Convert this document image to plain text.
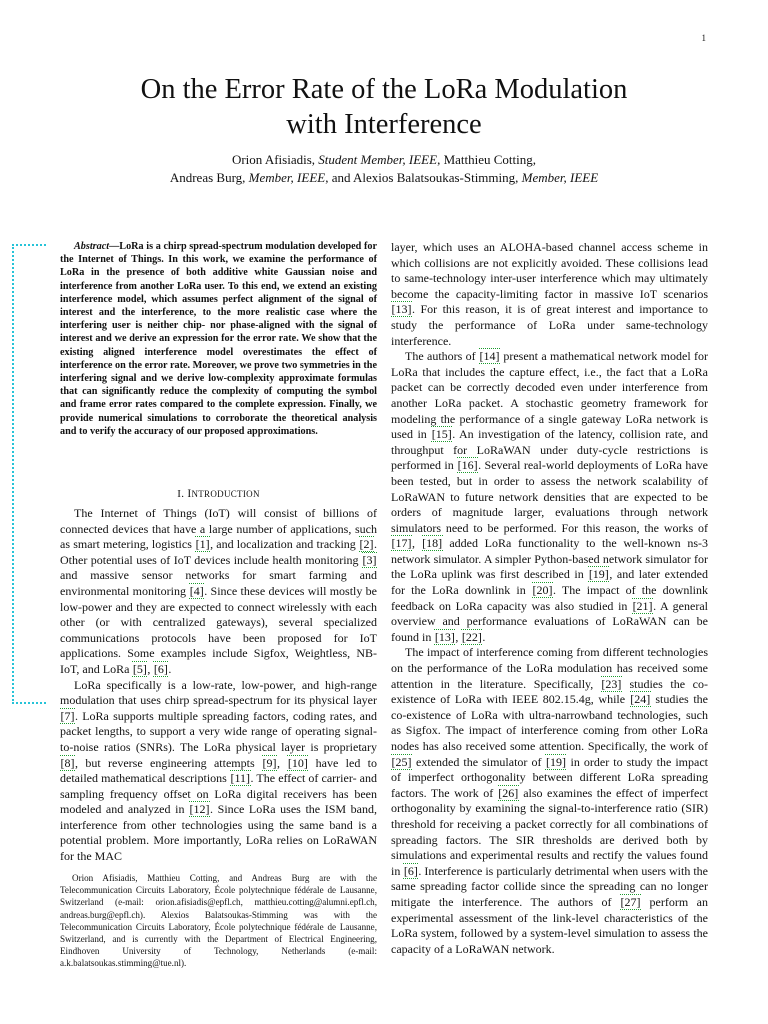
1
On the Error Rate of the LoRa Modulation
with Interference
Orion Afisiadis, Student Member, IEEE, Matthieu Cotting,
Andreas Burg, Member, IEEE, and Alexios Balatsoukas-Stimming, Member, IEEE

Abstract—LoRa is a chirp spread-spectrum modulation developed for the Internet of Things. In this work, we examine the performance of LoRa in the presence of both additive white Gaussian noise and interference from another LoRa user. To this end, we extend an existing interference model, which assumes perfect alignment of the signal of interest and the interference, to the more realistic case where the interfering user is neither chip- nor phase-aligned with the signal of interest and we derive an expression for the error rate. We show that the existing aligned interference model overestimates the effect of interference on the error rate. Moreover, we prove two symmetries in the interfering signal and we derive low-complexity approximate formulas that can significantly reduce the complexity of computing the symbol and frame error rates compared to the complete expression. Finally, we provide numerical simulations to corroborate the theoretical analysis and to verify the accuracy of our proposed approximations.

I. INTRODUCTION

The Internet of Things (IoT) will consist of billions of connected devices that have a large number of applications, such as smart metering, logistics [1], and localization and tracking [2]. Other potential uses of IoT devices include health monitoring [3] and massive sensor networks for smart farming and environmental monitoring [4]. Since these devices will mostly be low-power and they are expected to connect wirelessly with each other (or with centralized gateways), several specialized communications protocols have been proposed for IoT applications. Some examples include Sigfox, Weightless, NB-IoT, and LoRa [5], [6].

LoRa specifically is a low-rate, low-power, and high-range modulation that uses chirp spread-spectrum for its physical layer [7]. LoRa supports multiple spreading factors, coding rates, and packet lengths, to support a very wide range of operating signal-to-noise ratios (SNRs). The LoRa physical layer is proprietary [8], but reverse engineering attempts [9], [10] have led to detailed mathematical descriptions [11]. The effect of carrier- and sampling frequency offset on LoRa digital receivers has been modeled and analyzed in [12]. Since LoRa uses the ISM band, interference from other technologies using the same band is a potential problem. More importantly, LoRa relies on LoRaWAN for the MAC

Orion Afisiadis, Matthieu Cotting, and Andreas Burg are with the Telecommunication Circuits Laboratory, École polytechnique fédérale de Lausanne, Switzerland (e-mail: orion.afisiadis@epfl.ch, matthieu.cotting@alumni.epfl.ch, andreas.burg@epfl.ch). Alexios Balatsoukas-Stimming was with the Telecommunication Circuits Laboratory, École polytechnique fédérale de Lausanne, Switzerland, and is currently with the Department of Electrical Engineering, Eindhoven University of Technology, Netherlands (e-mail: a.k.balatsoukas.stimming@tue.nl).

layer, which uses an ALOHA-based channel access scheme in which collisions are not explicitly avoided. These collisions lead to same-technology inter-user interference which may ultimately become the capacity-limiting factor in massive IoT scenarios [13]. For this reason, it is of great interest and importance to study the performance of LoRa under same-technology interference.

The authors of [14] present a mathematical network model for LoRa that includes the capture effect, i.e., the fact that a LoRa packet can be correctly decoded even under interference from another LoRa packet. A stochastic geometry framework for modeling the performance of a single gateway LoRa network is used in [15]. An investigation of the latency, collision rate, and throughput for LoRaWAN under duty-cycle restrictions is performed in [16]. Several real-world deployments of LoRa have been tested, but in order to assess the network scalability of LoRaWAN to future network densities that are expected to be orders of magnitude larger, evaluations through network simulators need to be performed. For this reason, the works of [17], [18] added LoRa functionality to the well-known ns-3 network simulator. A simpler Python-based network simulator for the LoRa uplink was first described in [19], and later extended for the LoRa downlink in [20]. The impact of the downlink feedback on LoRa capacity was also studied in [21]. A general overview and performance evaluations of LoRaWAN can be found in [13], [22].

The impact of interference coming from different technologies on the performance of the LoRa modulation has received some attention in the literature. Specifically, [23] studies the co-existence of LoRa with IEEE 802.15.4g, while [24] studies the co-existence of LoRa with ultra-narrowband technologies, such as Sigfox. The impact of interference coming from other LoRa nodes has also received some attention. Specifically, the work of [25] extended the simulator of [19] in order to study the impact of imperfect orthogonality between different LoRa spreading factors. The work of [26] also examines the effect of imperfect orthogonality by examining the signal-to-interference ratio (SIR) threshold for receiving a packet correctly for all combinations of spreading factors. The SIR thresholds are derived both by simulations and experimental results and rectify the values found in [6]. Interference is particularly detrimental when users with the same spreading factor collide since the spreading can no longer mitigate the interference. The authors of [27] perform an experimental assessment of the link-level characteristics of the LoRa system, followed by a system-level simulation to assess the capacity of a LoRaWAN network.
